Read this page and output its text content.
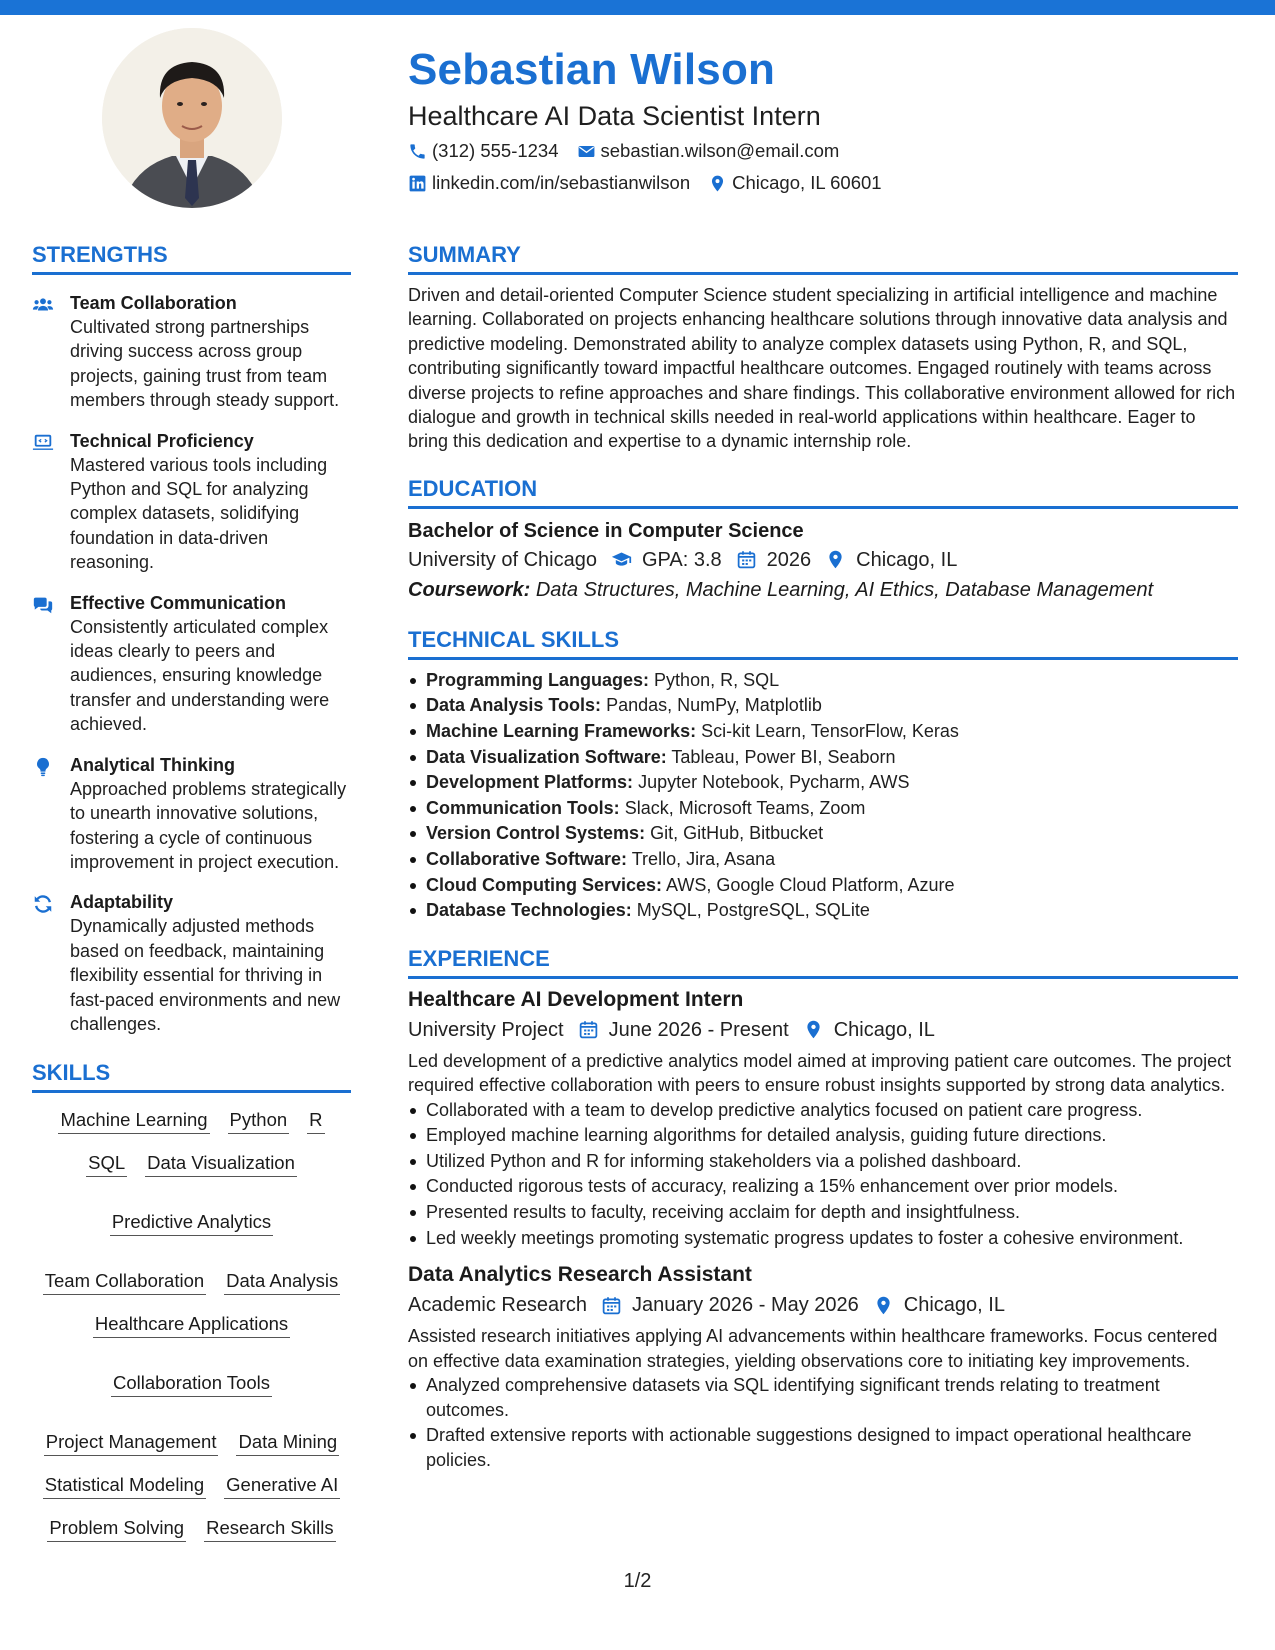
Sebastian Wilson
Healthcare AI Data Scientist Intern
(312) 555-1234 sebastian.wilson@email.com
linkedin.com/in/sebastianwilson Chicago, IL 60601
STRENGTHS
Team Collaboration
Cultivated strong partnerships driving success across group projects, gaining trust from team members through steady support.
Technical Proficiency
Mastered various tools including Python and SQL for analyzing complex datasets, solidifying foundation in data-driven reasoning.
Effective Communication
Consistently articulated complex ideas clearly to peers and audiences, ensuring knowledge transfer and understanding were achieved.
Analytical Thinking
Approached problems strategically to unearth innovative solutions, fostering a cycle of continuous improvement in project execution.
Adaptability
Dynamically adjusted methods based on feedback, maintaining flexibility essential for thriving in fast-paced environments and new challenges.
SKILLS
Machine Learning Python R
SQL Data Visualization
Predictive Analytics
Team Collaboration Data Analysis
Healthcare Applications
Collaboration Tools
Project Management Data Mining
Statistical Modeling Generative AI
Problem Solving Research Skills
SUMMARY
Driven and detail-oriented Computer Science student specializing in artificial intelligence and machine learning. Collaborated on projects enhancing healthcare solutions through innovative data analysis and predictive modeling. Demonstrated ability to analyze complex datasets using Python, R, and SQL, contributing significantly toward impactful healthcare outcomes. Engaged routinely with teams across diverse projects to refine approaches and share findings. This collaborative environment allowed for rich dialogue and growth in technical skills needed in real-world applications within healthcare. Eager to bring this dedication and expertise to a dynamic internship role.
EDUCATION
Bachelor of Science in Computer Science
University of Chicago GPA: 3.8 2026 Chicago, IL
Coursework: Data Structures, Machine Learning, AI Ethics, Database Management
TECHNICAL SKILLS
Programming Languages: Python, R, SQL
Data Analysis Tools: Pandas, NumPy, Matplotlib
Machine Learning Frameworks: Sci-kit Learn, TensorFlow, Keras
Data Visualization Software: Tableau, Power BI, Seaborn
Development Platforms: Jupyter Notebook, Pycharm, AWS
Communication Tools: Slack, Microsoft Teams, Zoom
Version Control Systems: Git, GitHub, Bitbucket
Collaborative Software: Trello, Jira, Asana
Cloud Computing Services: AWS, Google Cloud Platform, Azure
Database Technologies: MySQL, PostgreSQL, SQLite
EXPERIENCE
Healthcare AI Development Intern
University Project June 2026 - Present Chicago, IL
Led development of a predictive analytics model aimed at improving patient care outcomes. The project required effective collaboration with peers to ensure robust insights supported by strong data analytics.
Collaborated with a team to develop predictive analytics focused on patient care progress.
Employed machine learning algorithms for detailed analysis, guiding future directions.
Utilized Python and R for informing stakeholders via a polished dashboard.
Conducted rigorous tests of accuracy, realizing a 15% enhancement over prior models.
Presented results to faculty, receiving acclaim for depth and insightfulness.
Led weekly meetings promoting systematic progress updates to foster a cohesive environment.
Data Analytics Research Assistant
Academic Research January 2026 - May 2026 Chicago, IL
Assisted research initiatives applying AI advancements within healthcare frameworks. Focus centered on effective data examination strategies, yielding observations core to initiating key improvements.
Analyzed comprehensive datasets via SQL identifying significant trends relating to treatment outcomes.
Drafted extensive reports with actionable suggestions designed to impact operational healthcare policies.
1/2
